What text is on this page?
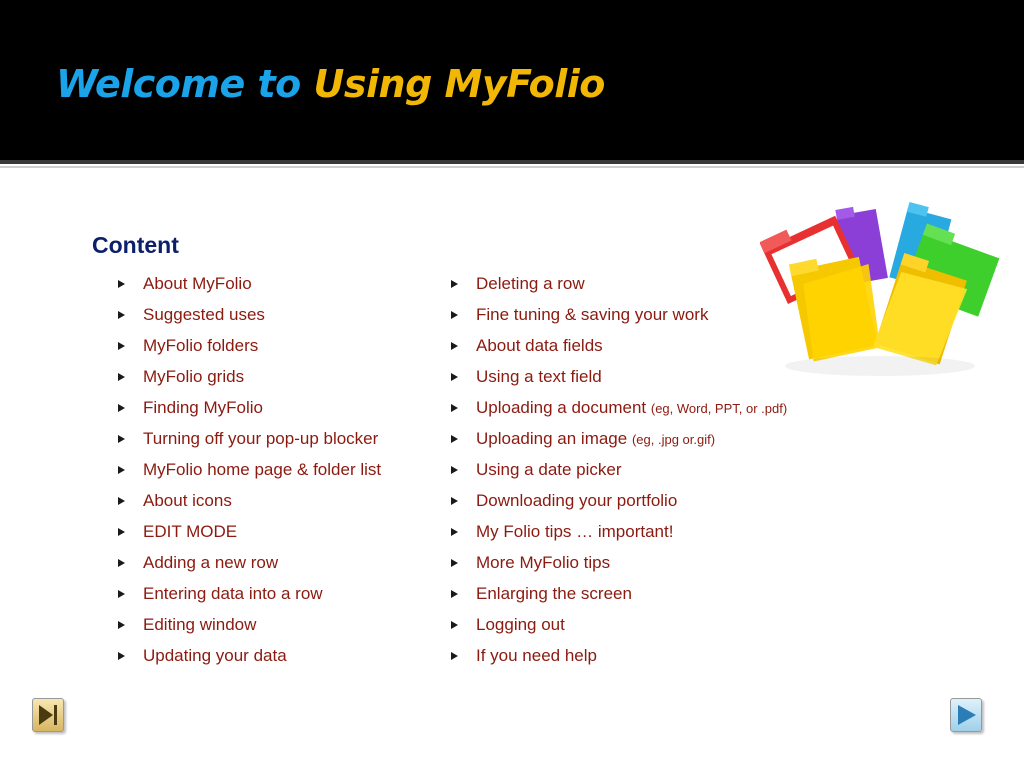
Welcome to Using MyFolio
Content
About MyFolio
Suggested uses
MyFolio folders
MyFolio grids
Finding MyFolio
Turning off your pop-up blocker
MyFolio home page & folder list
About icons
EDIT MODE
Adding a new row
Entering data into a row
Editing window
Updating your data
Deleting a row
Fine tuning & saving your work
About data fields
Using a text field
Uploading a document (eg, Word, PPT, or .pdf)
Uploading an image (eg, .jpg or.gif)
Using a date picker
Downloading your portfolio
My Folio tips … important!
More MyFolio tips
Enlarging the screen
Logging out
If you need help
